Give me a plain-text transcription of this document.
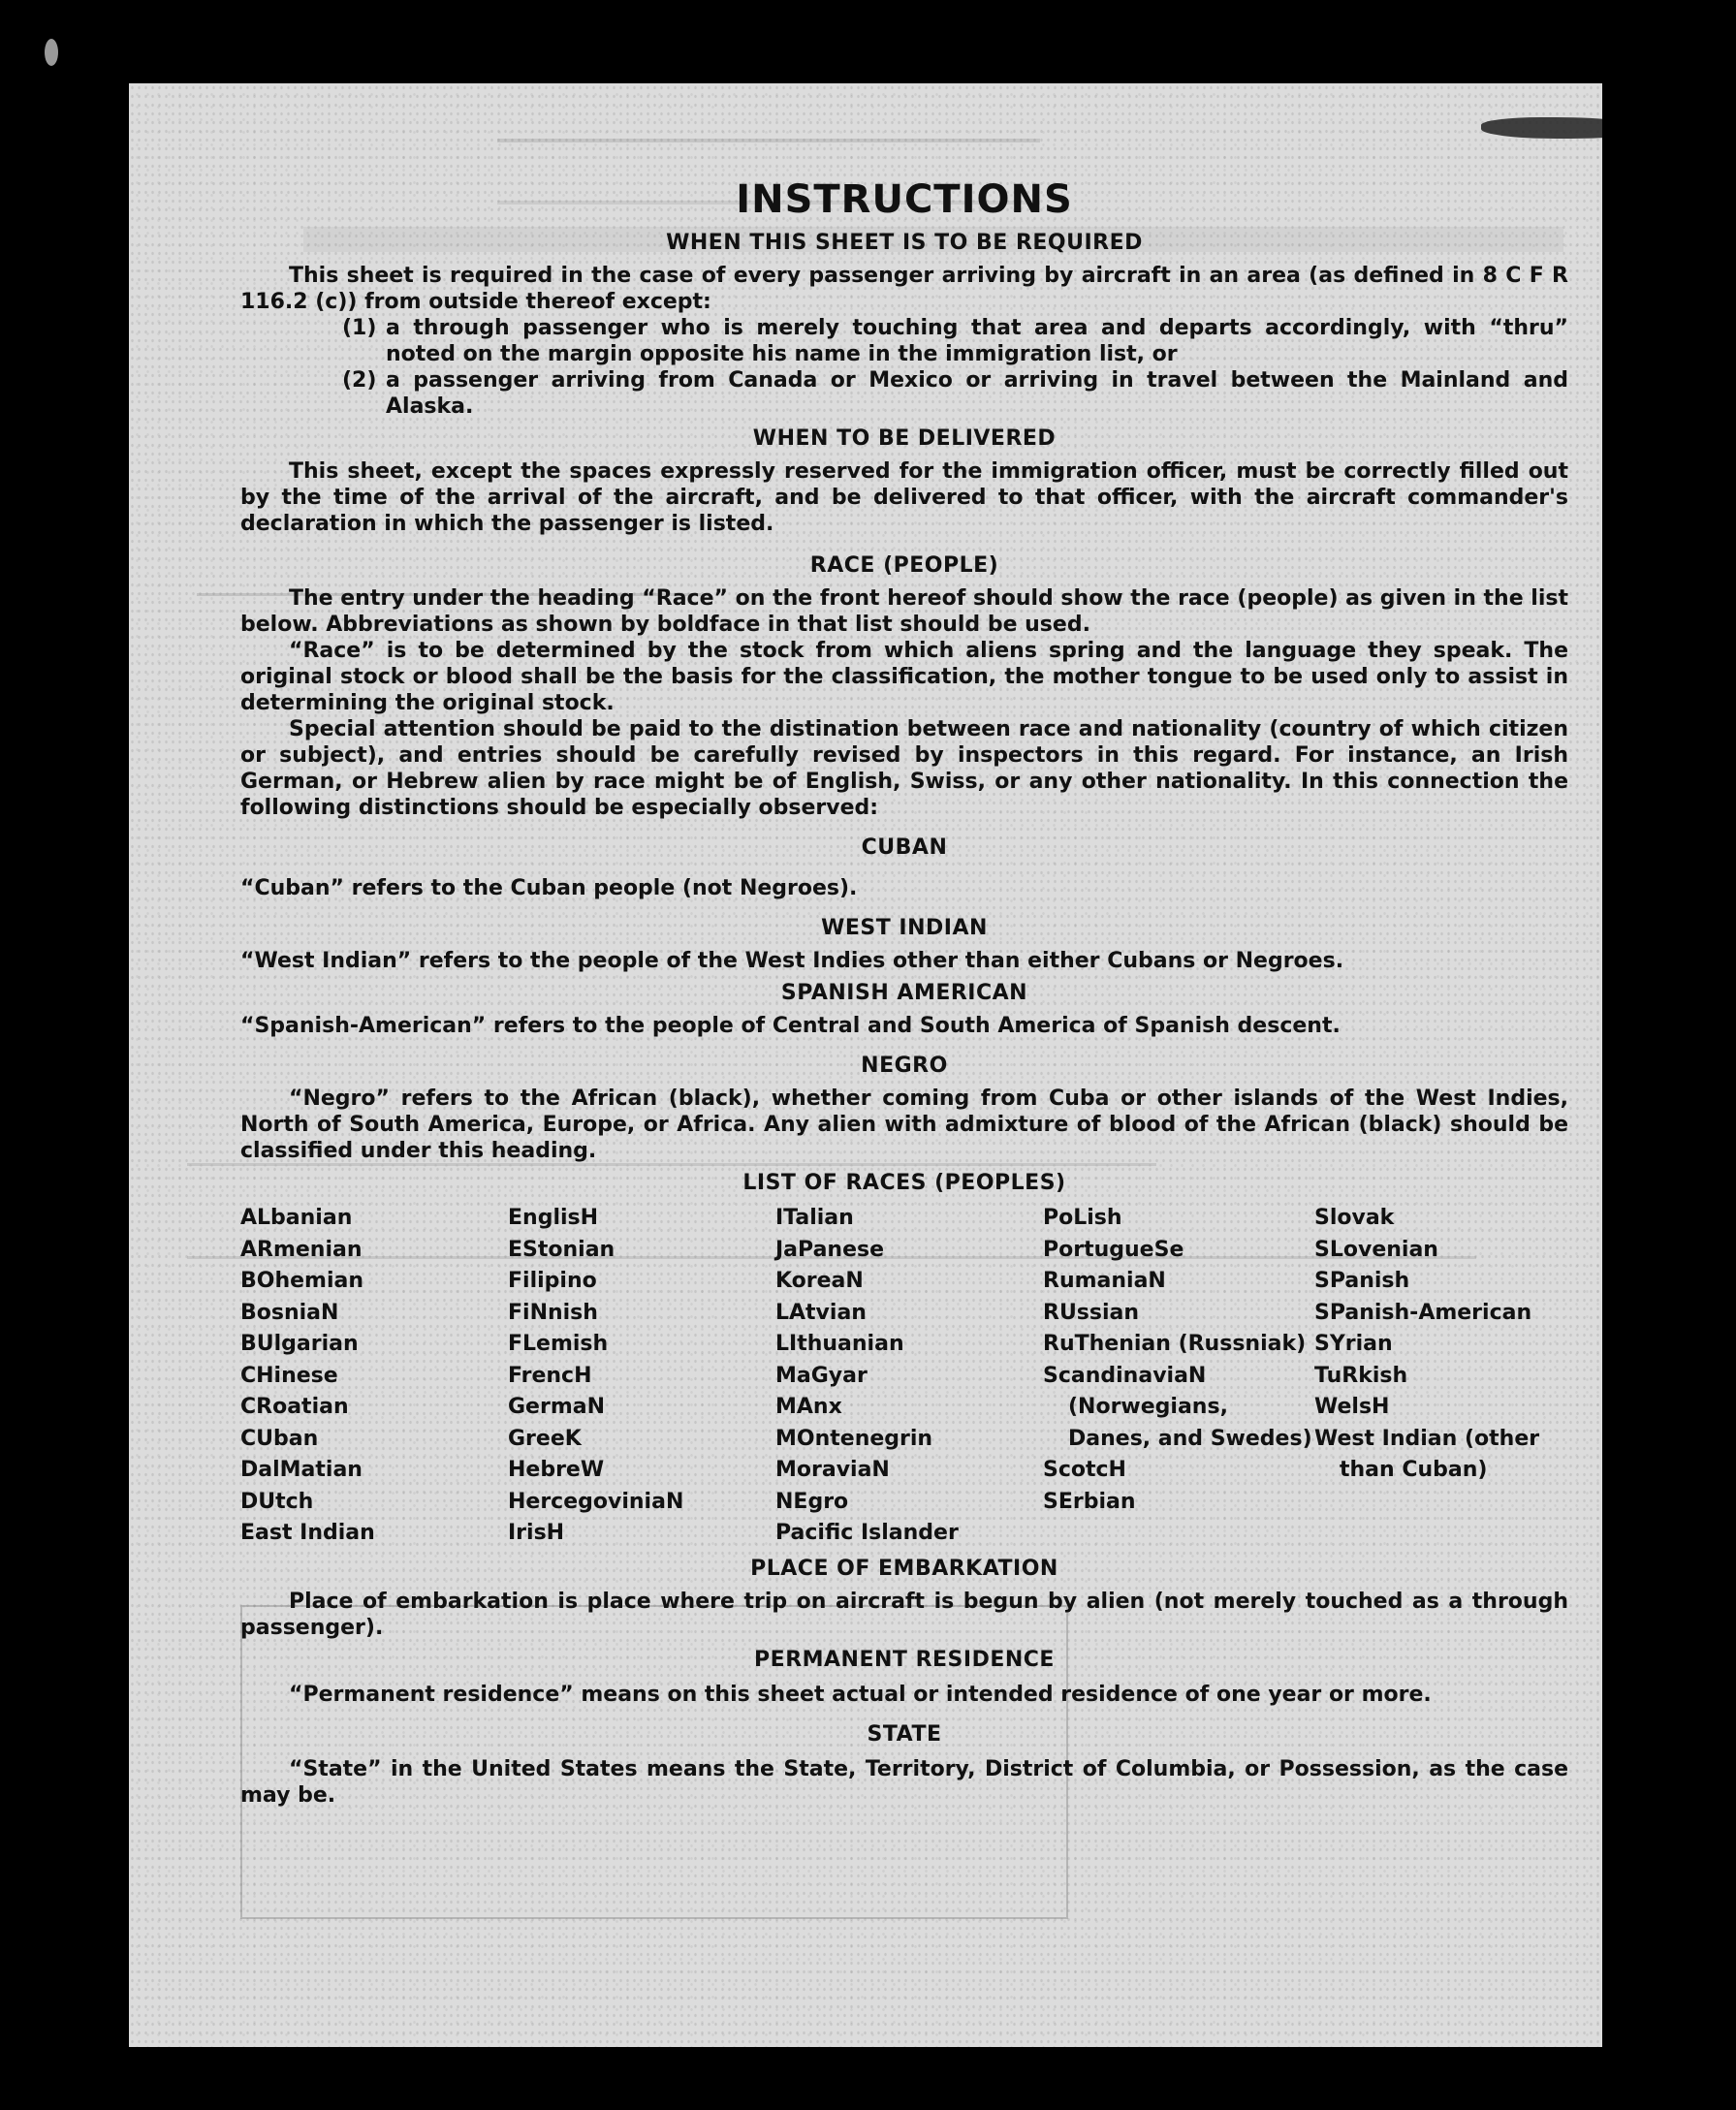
INSTRUCTIONS
WHEN THIS SHEET IS TO BE REQUIRED

This sheet is required in the case of every passenger arriving by aircraft in an area (as defined in 8 C F R 116.2 (c)) from outside thereof except:

(1) a through passenger who is merely touching that area and departs accordingly, with “thru” noted on the margin opposite his name in the immigration list, or
(2) a passenger arriving from Canada or Mexico or arriving in travel between the Mainland and Alaska.
WHEN TO BE DELIVERED

This sheet, except the spaces expressly reserved for the immigration officer, must be correctly filled out by the time of the arrival of the aircraft, and be delivered to that officer, with the aircraft commander's declaration in which the passenger is listed.

RACE (PEOPLE)

The entry under the heading “Race” on the front hereof should show the race (people) as given in the list below. Abbreviations as shown by boldface in that list should be used.

“Race” is to be determined by the stock from which aliens spring and the language they speak. The original stock or blood shall be the basis for the classification, the mother tongue to be used only to assist in determining the original stock.

Special attention should be paid to the distination between race and nationality (country of which citizen or subject), and entries should be carefully revised by inspectors in this regard. For instance, an Irish German, or Hebrew alien by race might be of English, Swiss, or any other nationality. In this connection the following distinctions should be especially observed:

CUBAN

“Cuban” refers to the Cuban people (not Negroes).

WEST INDIAN

“West Indian” refers to the people of the West Indies other than either Cubans or Negroes.

SPANISH AMERICAN

“Spanish-American” refers to the people of Central and South America of Spanish descent.

NEGRO

“Negro” refers to the African (black), whether coming from Cuba or other islands of the West Indies, North of South America, Europe, or Africa. Any alien with admixture of blood of the African (black) should be classified under this heading.

LIST OF RACES (PEOPLES)
ALbanian
ARmenian
BOhemian
BosniaN
BUlgarian
CHinese
CRoatian
CUban
DalMatian
DUtch
East Indian
EnglisH
EStonian
Filipino
FiNnish
FLemish
FrencH
GermaN
GreeK
HebreW
HercegoviniaN
IrisH
ITalian
JaPanese
KoreaN
LAtvian
LIthuanian
MaGyar
MAnx
MOntenegrin
MoraviaN
NEgro
Pacific Islander
PoLish
PortugueSe
RumaniaN
RUssian
RuThenian (Russniak)
ScandinaviaN (Norwegians, Danes, and Swedes)
ScotcH
SErbian
Slovak
SLovenian
SPanish
SPanish-American
SYrian
TuRkish
WelsH
West Indian (other than Cuban)
PLACE OF EMBARKATION

Place of embarkation is place where trip on aircraft is begun by alien (not merely touched as a through passenger).

PERMANENT RESIDENCE

“Permanent residence” means on this sheet actual or intended residence of one year or more.

STATE

“State” in the United States means the State, Territory, District of Columbia, or Possession, as the case may be.
